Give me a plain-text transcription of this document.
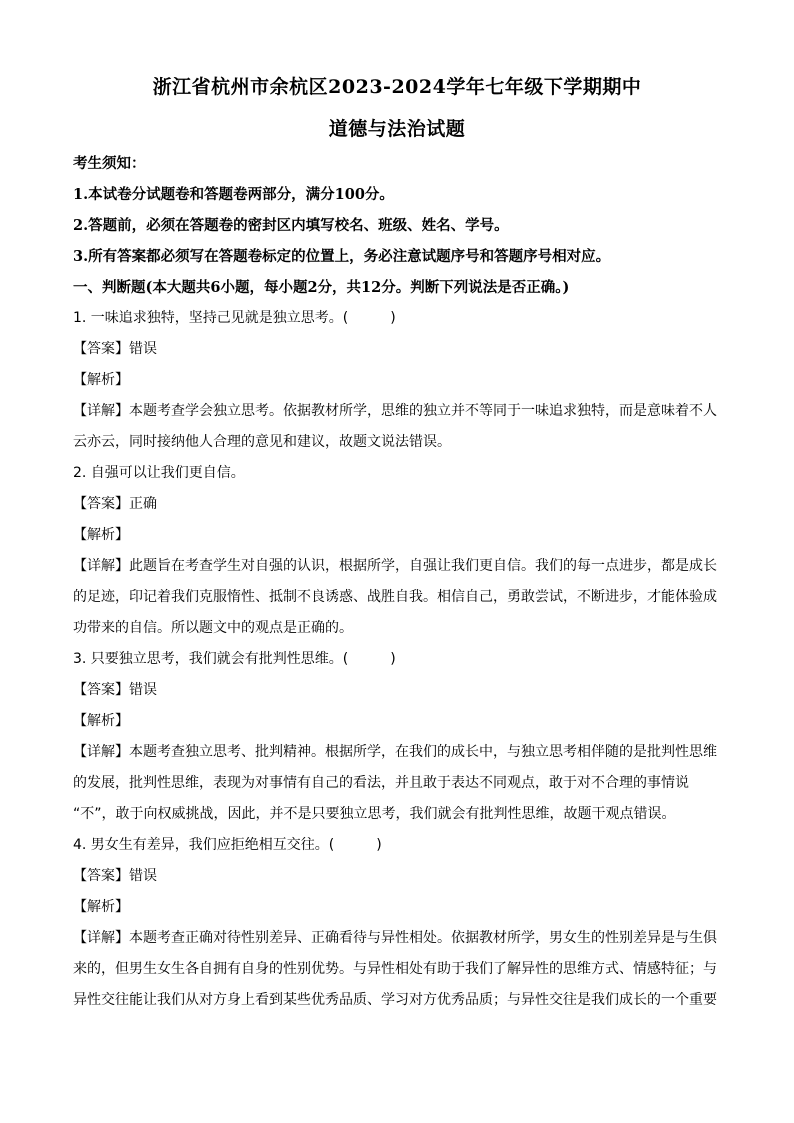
浙江省杭州市余杭区2023-2024学年七年级下学期期中
道德与法治试题
考生须知：
1.本试卷分试题卷和答题卷两部分，满分100分。
2.答题前，必须在答题卷的密封区内填写校名、班级、姓名、学号。
3.所有答案都必须写在答题卷标定的位置上，务必注意试题序号和答题序号相对应。
一、判断题(本大题共6小题，每小题2分，共12分。判断下列说法是否正确。)
1. 一味追求独特，坚持己见就是独立思考。(　　　)
【答案】错误
【解析】
【详解】本题考查学会独立思考。依据教材所学，思维的独立并不等同于一味追求独特，而是意味着不人
云亦云，同时接纳他人合理的意见和建议，故题文说法错误。
2. 自强可以让我们更自信。
【答案】正确
【解析】
【详解】此题旨在考查学生对自强的认识，根据所学，自强让我们更自信。我们的每一点进步，都是成长
的足迹，印记着我们克服惰性、抵制不良诱惑、战胜自我。相信自己，勇敢尝试，不断进步，才能体验成
功带来的自信。所以题文中的观点是正确的。
3. 只要独立思考，我们就会有批判性思维。(　　　)
【答案】错误
【解析】
【详解】本题考查独立思考、批判精神。根据所学，在我们的成长中，与独立思考相伴随的是批判性思维
的发展，批判性思维，表现为对事情有自己的看法，并且敢于表达不同观点，敢于对不合理的事情说
“不”，敢于向权威挑战，因此，并不是只要独立思考，我们就会有批判性思维，故题干观点错误。
4. 男女生有差异，我们应拒绝相互交往。(　　　)
【答案】错误
【解析】
【详解】本题考查正确对待性别差异、正确看待与异性相处。依据教材所学，男女生的性别差异是与生俱
来的，但男生女生各自拥有自身的性别优势。与异性相处有助于我们了解异性的思维方式、情感特征；与
异性交往能让我们从对方身上看到某些优秀品质、学习对方优秀品质；与异性交往是我们成长的一个重要
